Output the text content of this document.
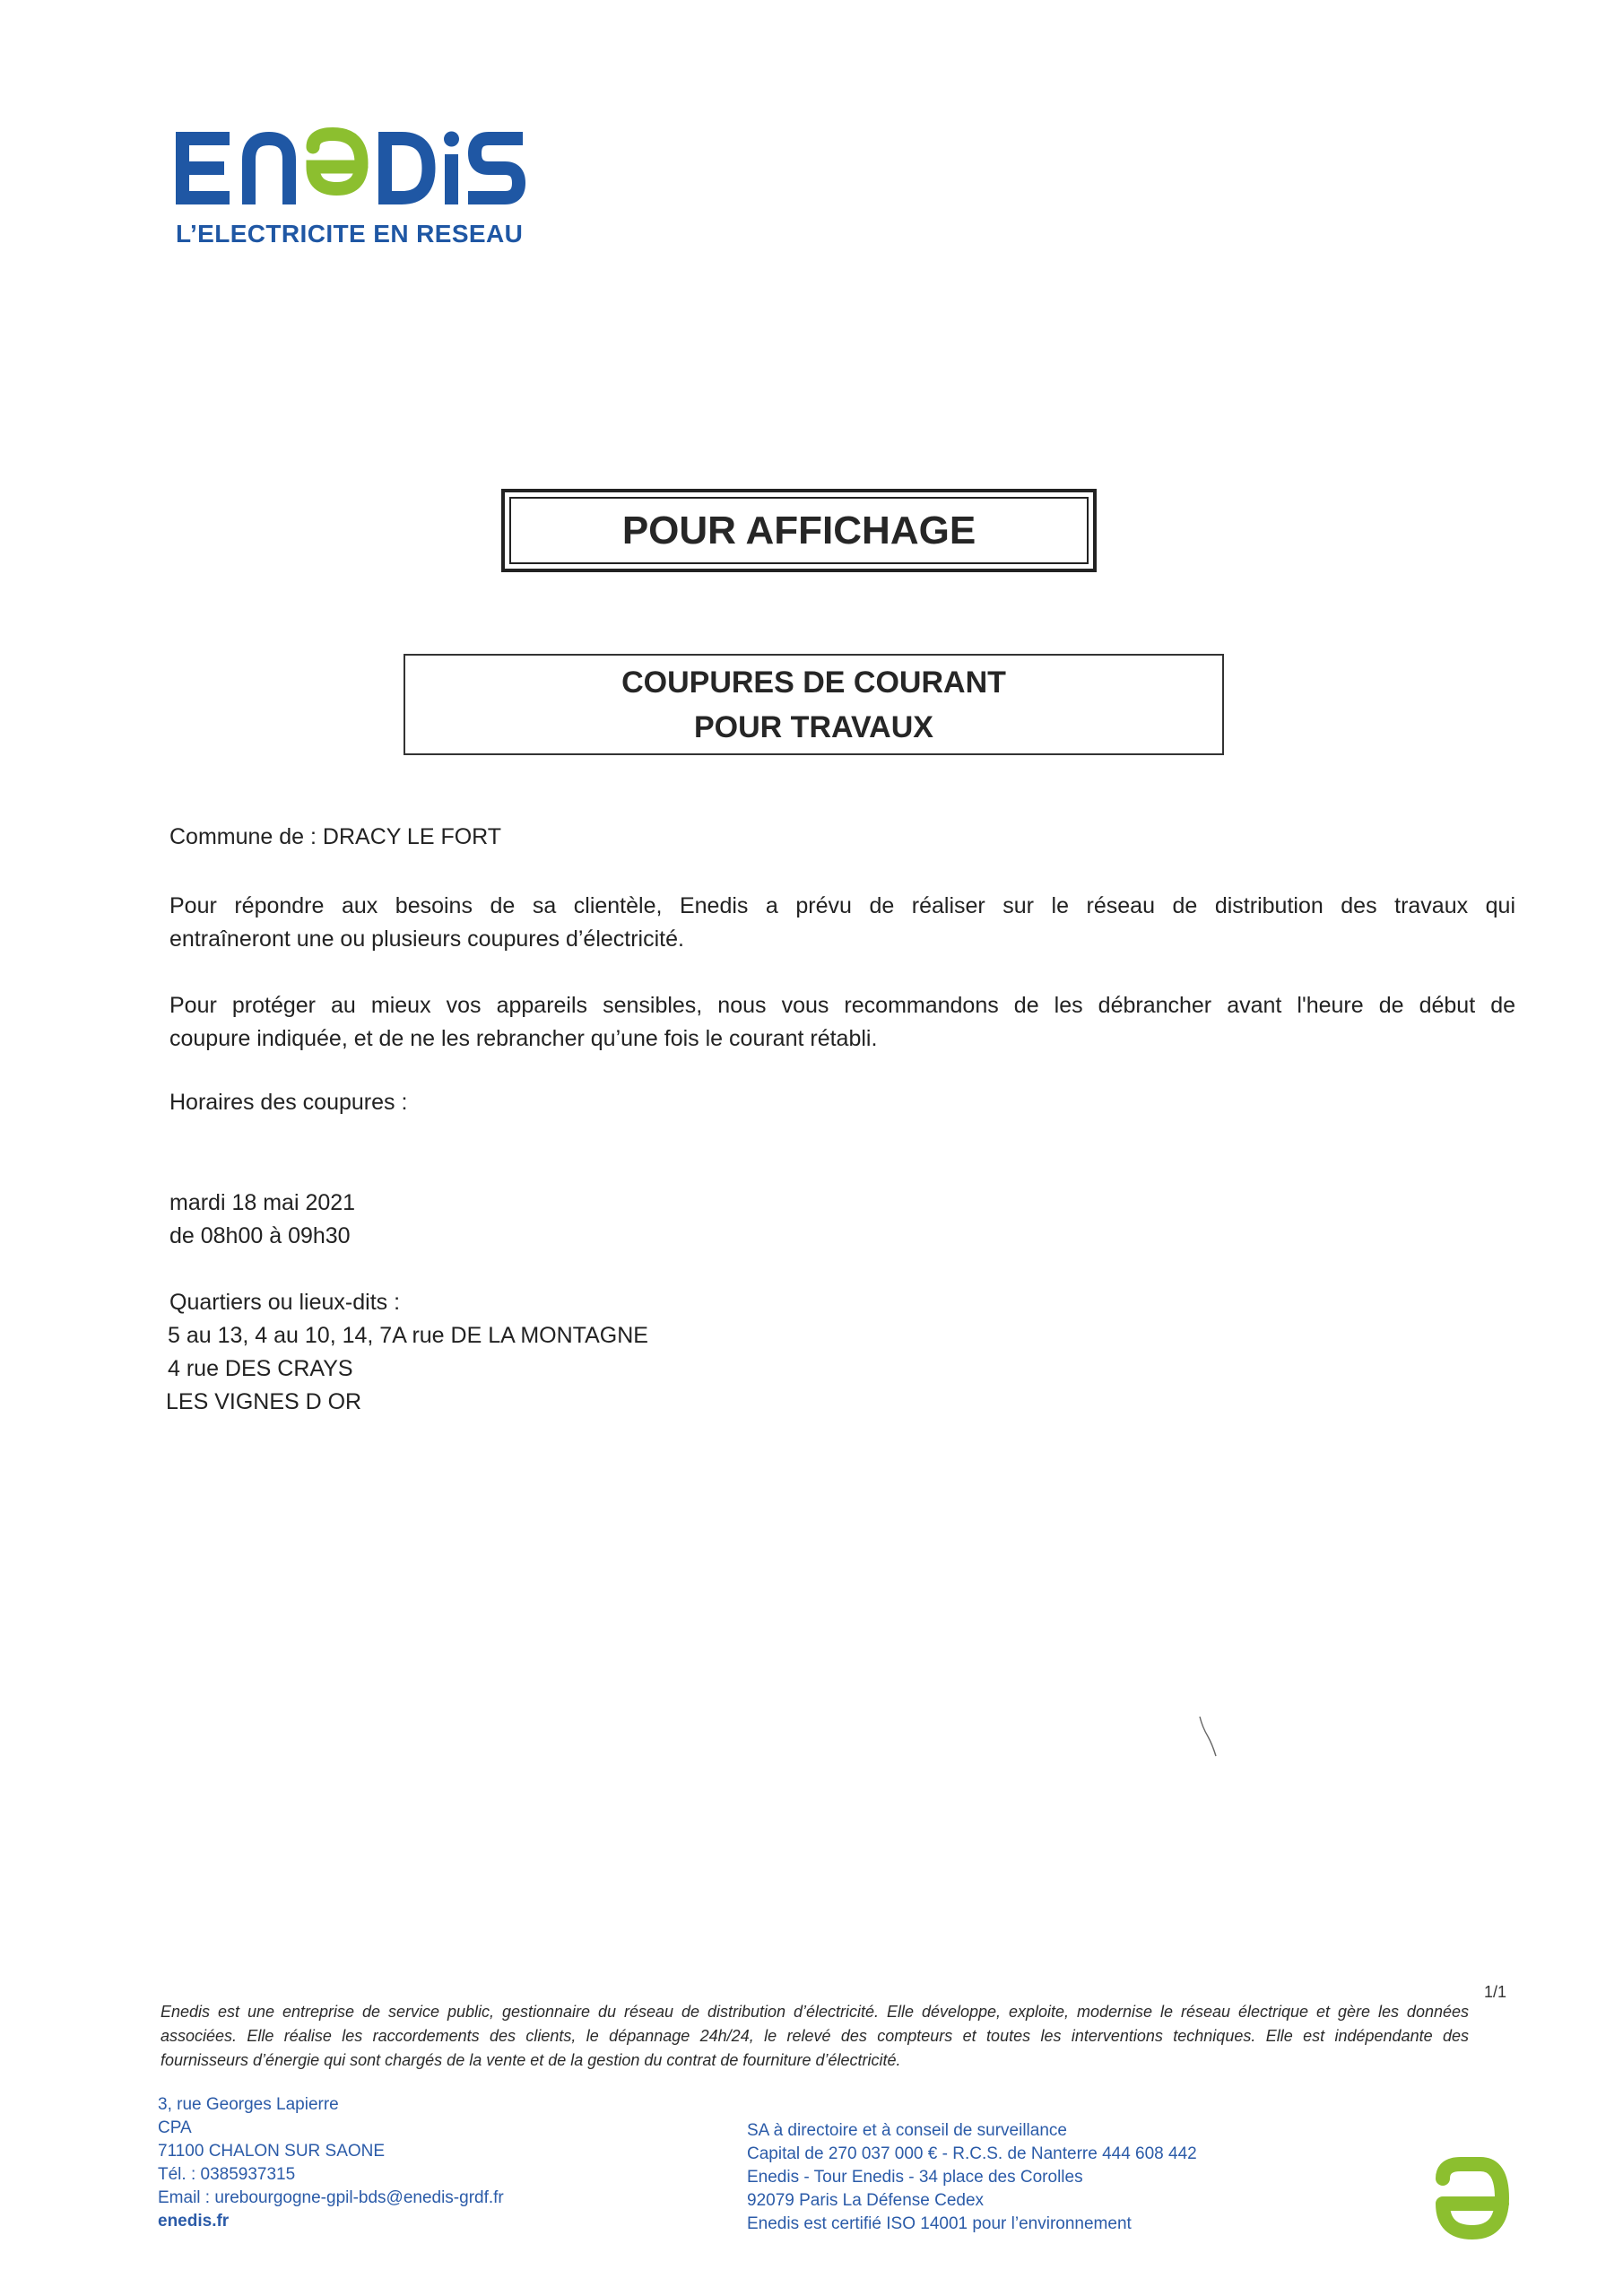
L’ELECTRICITE EN RESEAU
POUR AFFICHAGE
COUPURES DE COURANT
POUR TRAVAUX
Commune de : DRACY LE FORT
Pour répondre aux besoins de sa clientèle, Enedis a prévu de réaliser sur le réseau de distribution des travaux qui
entraîneront une ou plusieurs coupures d’électricité.
Pour protéger au mieux vos appareils sensibles, nous vous recommandons de les débrancher avant l'heure de début de
coupure indiquée, et de ne les rebrancher qu’une fois le courant rétabli.
Horaires des coupures :
mardi 18 mai 2021
de 08h00 à 09h30
Quartiers ou lieux-dits :
5 au 13, 4 au 10, 14, 7A rue DE LA MONTAGNE
4 rue DES CRAYS
LES VIGNES D OR
1/1
Enedis est une entreprise de service public, gestionnaire du réseau de distribution d’électricité. Elle développe, exploite, modernise le réseau électrique et gère les données
associées. Elle réalise les raccordements des clients, le dépannage 24h/24, le relevé des compteurs et toutes les interventions techniques. Elle est indépendante des
fournisseurs d’énergie qui sont chargés de la vente et de la gestion du contrat de fourniture d’électricité.
3, rue Georges Lapierre
CPA
71100 CHALON SUR SAONE
Tél. : 0385937315
Email : urebourgogne-gpil-bds@enedis-grdf.fr
enedis.fr
SA à directoire et à conseil de surveillance
Capital de 270 037 000 € - R.C.S. de Nanterre 444 608 442
Enedis - Tour Enedis - 34 place des Corolles
92079 Paris La Défense Cedex
Enedis est certifié ISO 14001 pour l’environnement
